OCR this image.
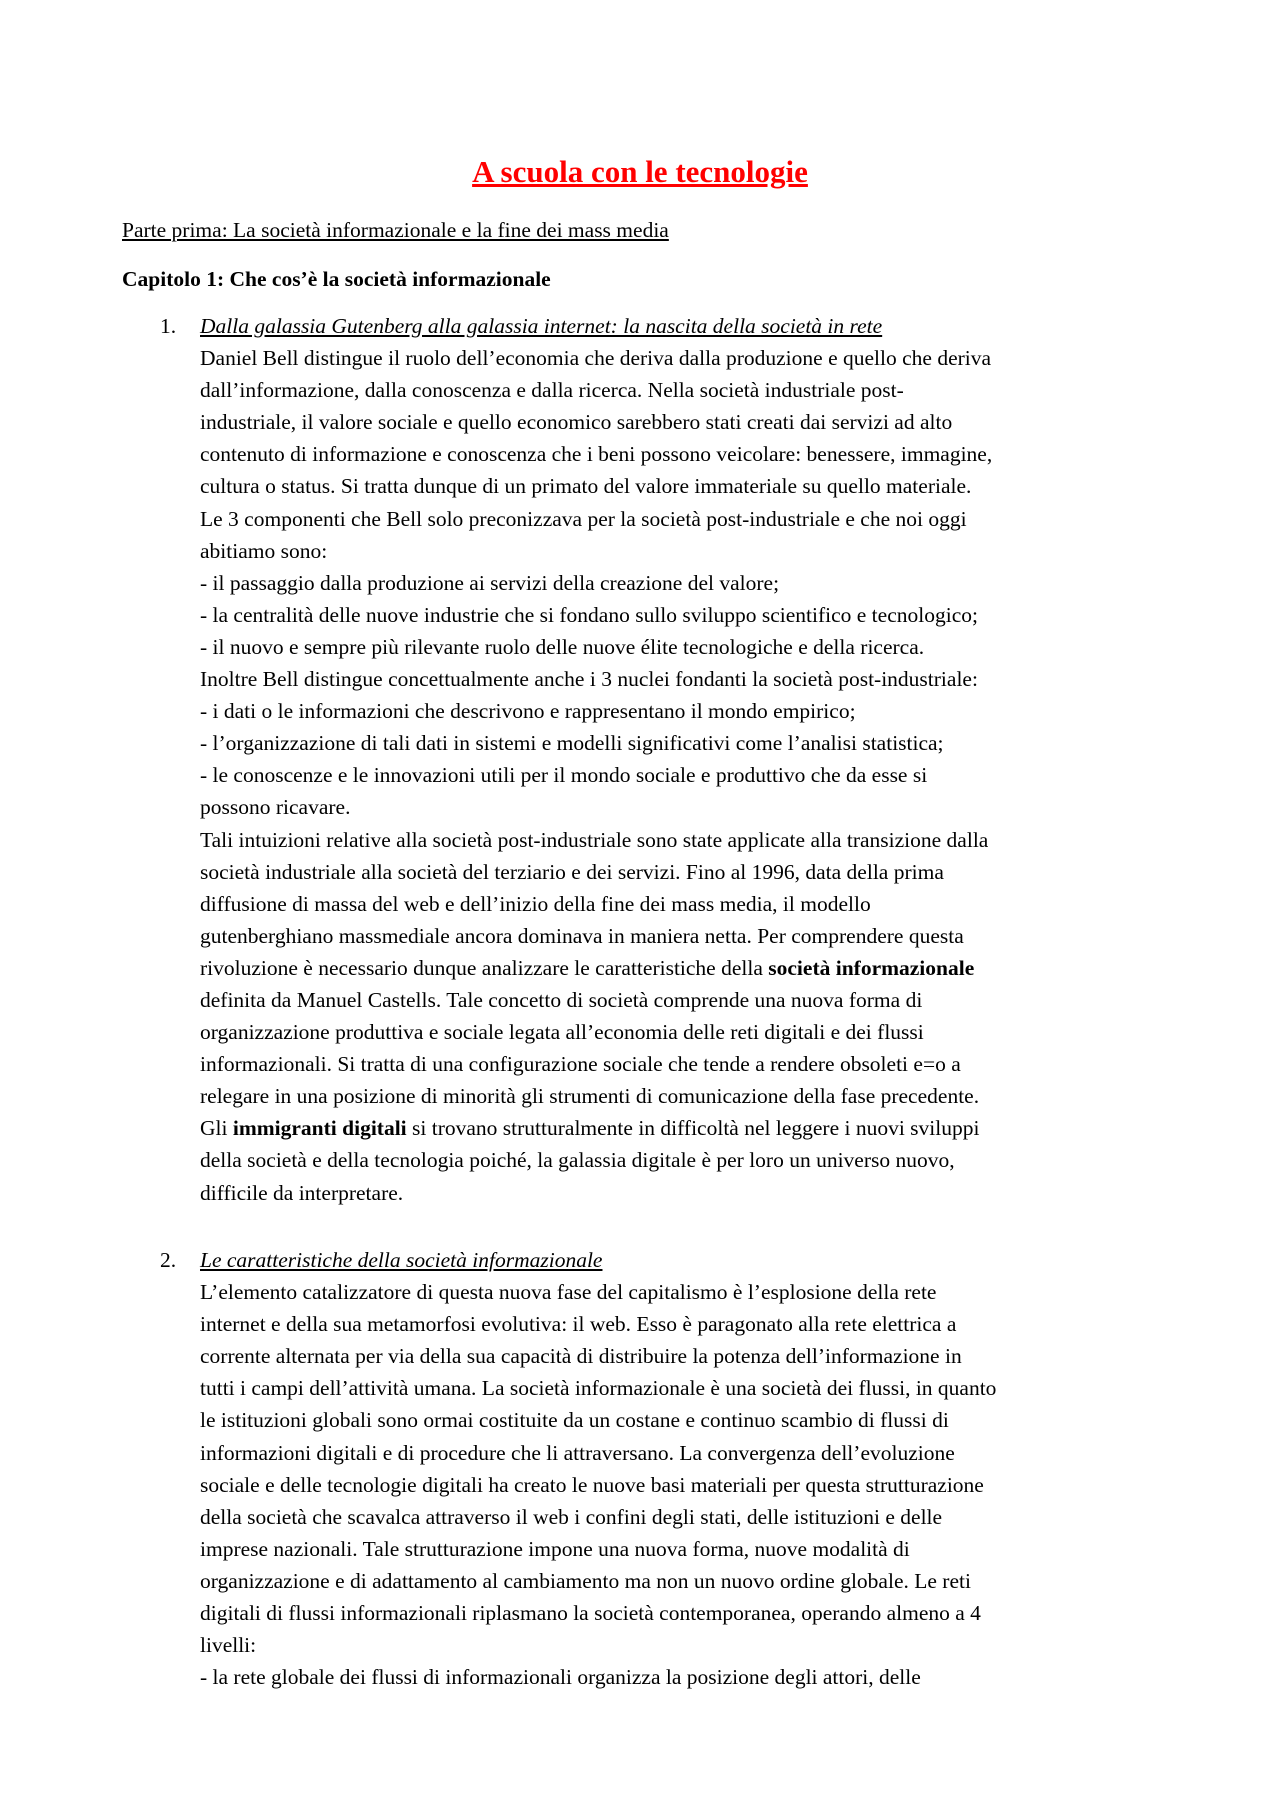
A scuola con le tecnologie
Parte prima: La società informazionale e la fine dei mass media
Capitolo 1: Che cos’è la società informazionale
1.	Dalla galassia Gutenberg alla galassia internet: la nascita della società in rete
Daniel Bell distingue il ruolo dell’economia che deriva dalla produzione e quello che deriva
dall’informazione, dalla conoscenza e dalla ricerca. Nella società industriale post-
industriale, il valore sociale e quello economico sarebbero stati creati dai servizi ad alto
contenuto di informazione e conoscenza che i beni possono veicolare: benessere, immagine,
cultura o status. Si tratta dunque di un primato del valore immateriale su quello materiale.
Le 3 componenti che Bell solo preconizzava per la società post-industriale e che noi oggi
abitiamo sono:
- il passaggio dalla produzione ai servizi della creazione del valore;
- la centralità delle nuove industrie che si fondano sullo sviluppo scientifico e tecnologico;
- il nuovo e sempre più rilevante ruolo delle nuove élite tecnologiche e della ricerca.
Inoltre Bell distingue concettualmente anche i 3 nuclei fondanti la società post-industriale:
- i dati o le informazioni che descrivono e rappresentano il mondo empirico;
- l’organizzazione di tali dati in sistemi e modelli significativi come l’analisi statistica;
- le conoscenze e le innovazioni utili per il mondo sociale e produttivo che da esse si
possono ricavare.
Tali intuizioni relative alla società post-industriale sono state applicate alla transizione dalla
società industriale alla società del terziario e dei servizi. Fino al 1996, data della prima
diffusione di massa del web e dell’inizio della fine dei mass media, il modello
gutenberghiano massmediale ancora dominava in maniera netta. Per comprendere questa
rivoluzione è necessario dunque analizzare le caratteristiche della società informazionale
definita da Manuel Castells. Tale concetto di società comprende una nuova forma di
organizzazione produttiva e sociale legata all’economia delle reti digitali e dei flussi
informazionali. Si tratta di una configurazione sociale che tende a rendere obsoleti e=o a
relegare in una posizione di minorità gli strumenti di comunicazione della fase precedente.
Gli immigranti digitali si trovano strutturalmente in difficoltà nel leggere i nuovi sviluppi
della società e della tecnologia poiché, la galassia digitale è per loro un universo nuovo,
difficile da interpretare.
2.	Le caratteristiche della società informazionale
L’elemento catalizzatore di questa nuova fase del capitalismo è l’esplosione della rete
internet e della sua metamorfosi evolutiva: il web. Esso è paragonato alla rete elettrica a
corrente alternata per via della sua capacità di distribuire la potenza dell’informazione in
tutti i campi dell’attività umana. La società informazionale è una società dei flussi, in quanto
le istituzioni globali sono ormai costituite da un costane e continuo scambio di flussi di
informazioni digitali e di procedure che li attraversano. La convergenza dell’evoluzione
sociale e delle tecnologie digitali ha creato le nuove basi materiali per questa strutturazione
della società che scavalca attraverso il web i confini degli stati, delle istituzioni e delle
imprese nazionali. Tale strutturazione impone una nuova forma, nuove modalità di
organizzazione e di adattamento al cambiamento ma non un nuovo ordine globale. Le reti
digitali di flussi informazionali riplasmano la società contemporanea, operando almeno a 4
livelli:
- la rete globale dei flussi di informazionali organizza la posizione degli attori, delle
